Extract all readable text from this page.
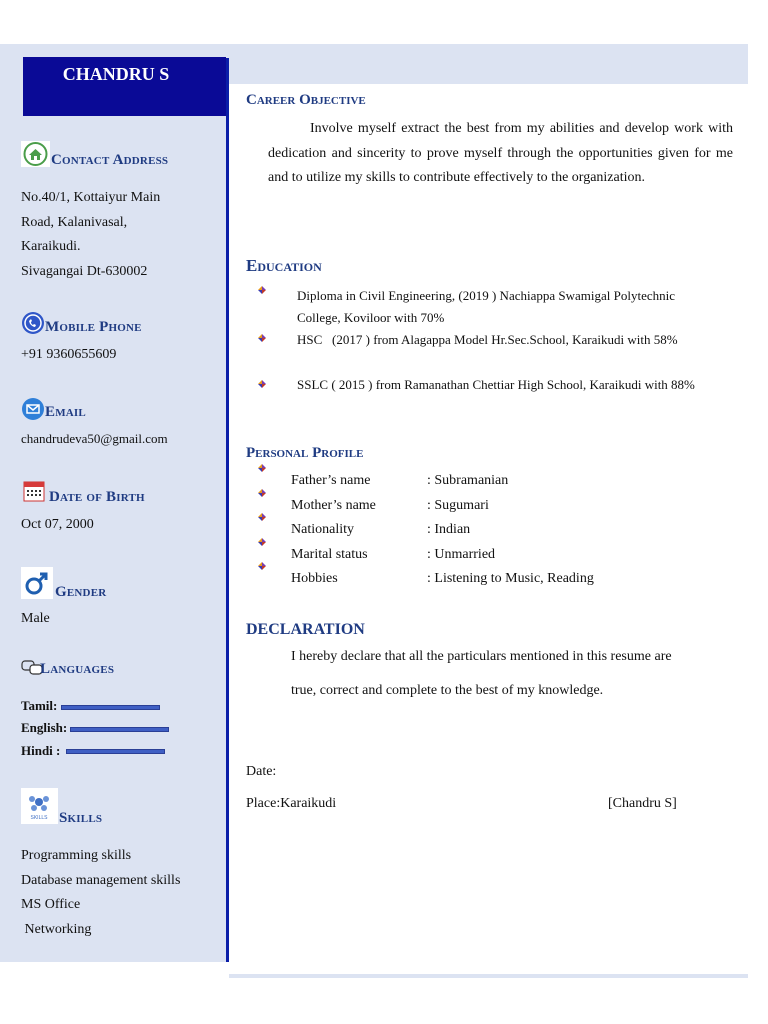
CHANDRU S
Contact Address
No.40/1, Kottaiyur Main
Road, Kalanivasal,
Karaikudi.
Sivagangai Dt-630002
Mobile Phone
+91 9360655609
Email
chandrudeva50@gmail.com
Date of Birth
Oct 07, 2000
Gender
Male
Languages
Tamil:
English:
Hindi :
SKILLS Skills
Programming skills
Database management skills
MS Office
Networking
Career Objective
Involve myself extract the best from my abilities and develop work with dedication and sincerity to prove myself through the opportunities given for me and to utilize my skills to contribute effectively to the organization.
Education
Diploma in Civil Engineering, (2019 ) Nachiappa Swamigal Polytechnic College, Koviloor with 70%
HSC   (2017 ) from Alagappa Model Hr.Sec.School, Karaikudi with 58%
SSLC ( 2015 ) from Ramanathan Chettiar High School, Karaikudi with 88%
Personal Profile
Father’s name	: Subramanian
Mother’s name	: Sugumari
Nationality	: Indian
Marital status	: Unmarried
Hobbies	: Listening to Music, Reading
DECLARATION
I hereby declare that all the particulars mentioned in this resume are
true, correct and complete to the best of my knowledge.
Date:
Place:Karaikudi	[Chandru S]
